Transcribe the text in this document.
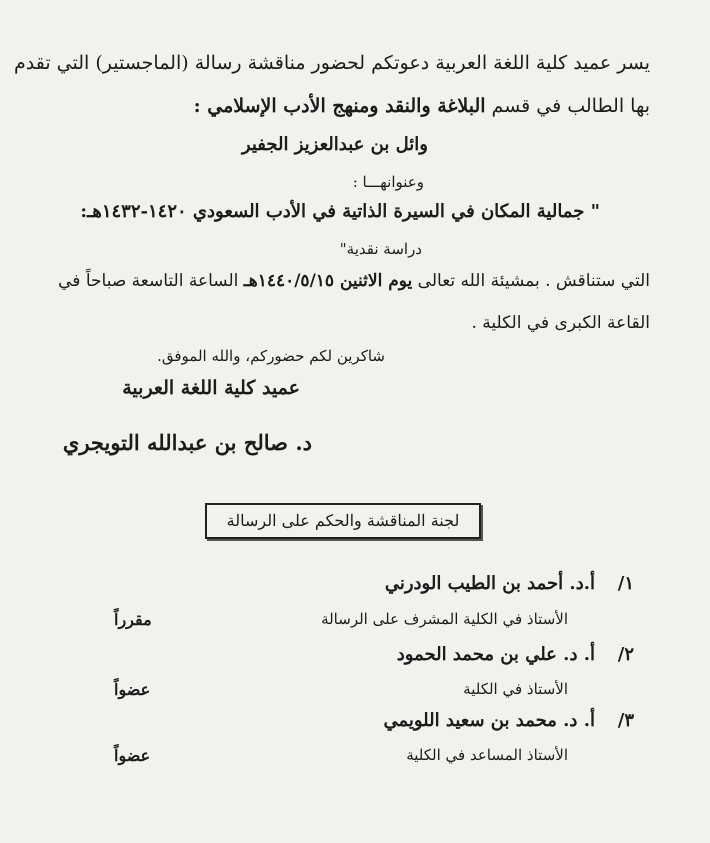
يسر عميد كلية اللغة العربية دعوتكم لحضور مناقشة رسالة (الماجستير) التي تقدم
بها الطالب في قسم البلاغة والنقد ومنهج الأدب الإسلامي :
وائل بن عبدالعزيز الجفير
وعنوانهـــا :
" جمالية المكان في السيرة الذاتية في الأدب السعودي ١٤٢٠-١٤٣٢هـ:
دراسة نقدية"
التي ستناقش . بمشيئة الله تعالى يوم الاثنين ١٤٤٠/٥/١٥هـ الساعة التاسعة صباحاً في
القاعة الكبرى في الكلية .
شاكرين لكم حضوركم، والله الموفق.
عميد كلية اللغة العربية
د. صالح بن عبدالله التويجري
لجنة المناقشة والحكم على الرسالة
١/
أ.د. أحمد بن الطيب الودرني
الأستاذ في الكلية المشرف على الرسالة
مقرراً
٢/
أ. د. علي بن محمد الحمود
الأستاذ في الكلية
عضواً
٣/
أ. د. محمد بن سعيد اللويمي
الأستاذ المساعد في الكلية
عضواً
